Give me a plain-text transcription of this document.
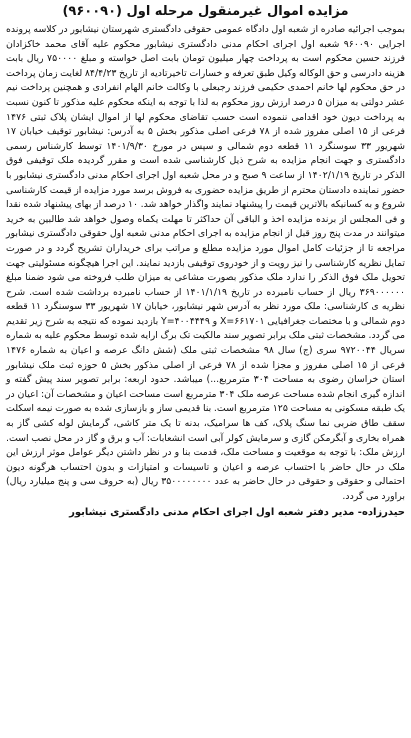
مزایده اموال غیرمنقول مرحله اول (۹۶۰۰۹۰)

بموجب اجرائیه صادره از شعبه اول دادگاه عمومی حقوقی دادگستری شهرستان نیشابور در کلاسه پرونده اجرایی ۹۶۰۰۹۰ شعبه اول اجرای احکام مدنی دادگستری نیشابور محکوم علیه آقای محمد خاکزادان فرزند حسین محکوم است به پرداخت چهار میلیون تومان بابت اصل خواسته و مبلغ ۷۵۰۰۰۰ ریال بابت هزینه دادرسی و حق الوکاله وکیل طبق تعرفه و خسارات تاخیرتادیه از تاریخ ۸۴/۴/۲۳ لغایت زمان پرداخت در حق محکوم لها خانم احمدی حکیمی فرزند رجبعلی با وکالت خانم الهام انفرادی و همچنین پرداخت نیم عشر دولتی به میزان ۵ درصد ارزش روز محکوم به لذا با توجه به اینکه محکوم علیه مذکور تا کنون نسبت به پرداخت دیون خود اقدامی ننموده است حسب تقاضای محکوم لها از اموال ایشان پلاک ثبتی ۱۴۷۶ فرعی از ۱۵ اصلی مفروز شده از ۷۸ فرعی اصلی مذکور بخش ۵ به آدرس: نیشابور توقیف خیابان ۱۷ شهریور ۳۳ سوسنگرد ۱۱ قطعه دوم شمالی و سپس در مورخ ۱۴۰۱/۹/۳۰ توسط کارشناس رسمی دادگستری و جهت انجام مزایده به شرح ذیل کارشناسی شده است و مقرر گردیده ملک توقیفی فوق الذکر در تاریخ ۱۴۰۲/۱/۱۹ از ساعت ۹ صبح و در محل شعبه اول اجرای احکام مدنی دادگستری نیشابور با حضور نماینده دادستان محترم از طریق مزایده حضوری به فروش برسد مورد مزایده از قیمت کارشناسی شروع و به کسانیکه بالاترین قیمت را پیشنهاد نمایند واگذار خواهد شد. ۱۰ درصد از بهای پیشنهاد شده نقدا و فی المجلس از برنده مزایده اخذ و الباقی آن حداکثر تا مهلت یکماه وصول خواهد شد طالبین به خرید میتوانند در مدت پنج روز قبل از انجام مزایده به اجرای احکام مدنی شعبه اول حقوقی دادگستری نیشابور مراجعه تا از جزئیات کامل اموال مورد مزایده مطلع و مراتب برای خریداران تشریح گردد و در صورت تمایل نظریه کارشناسی را نیز رویت و از خودروی توقیفی بازدید نمایند. این اجرا هیچگونه مسئولیتی جهت تحویل ملک فوق الذکر را ندارد ملک مذکور بصورت مشاعی به میزان طلب فروخته می شود ضمنا مبلغ ۳۶۹۰۰۰۰۰۰ ریال از حساب نامبرده در تاریخ ۱۴۰۱/۱/۱۹ از حساب نامبرده برداشت شده است. شرح نظریه ی کارشناسی: ملک مورد نظر به آدرس شهر نیشابور، خیابان ۱۷ شهریور ۳۳ سوسنگرد ۱۱ قطعه دوم شمالی و با مختصات جغرافیایی X=۶۶۱۷۰۱ و Y=۴۰۰۴۴۴۹ بازدید نموده که نتیجه به شرح زیر تقدیم می گردد. مشخصات ثبتی ملک برابر تصویر سند مالکیت تک برگ ارایه شده توسط محکوم علیه به شماره سریال ۹۷۲۰۰۴۴ سری (ج) سال ۹۸ مشخصات ثبتی ملک (شش دانگ عرصه و اعیان به شماره ۱۴۷۶ فرعی از ۱۵ اصلی مفروز و مجزا شده از ۷۸ فرعی از اصلی مذکور بخش ۵ حوزه ثبت ملک نیشابور استان خراسان رضوی به مساحت ۳۰۴ مترمربع...) میباشد. حدود اربعه: برابر تصویر سند پیش گفته و اندازه گیری انجام شده مساحت عرصه ملک ۳۰۴ مترمربع است مساحت اعیان و مشخصات آن: اعیان در یک طبقه مسکونی به مساحت ۱۲۵ مترمربع است. بنا قدیمی ساز و بازسازی شده به صورت نیمه اسکلت سقف طاق ضربی نما سنگ پلاک، کف ها سرامیک، بدنه تا یک متر کاشی، گرمایش لوله کشی گاز به همراه بخاری و آبگرمکن گازی و سرمایش کولر آبی است انشعابات: آب و برق و گاز در محل نصب است. ارزش ملک: با توجه به موقعیت و مساحت ملک، قدمت بنا و در نظر داشتن دیگر عوامل موثر ارزش این ملک در حال حاضر با احتساب عرصه و اعیان و تاسیسات و امتیازات و بدون احتساب هرگونه دیون احتمالی و حقوقی و حقوقی در حال حاضر به عدد ۳۵۰۰۰۰۰۰۰۰ ریال (به حروف سی و پنج میلیارد ریال) براورد می گردد.

حیدرزاده- مدیر دفتر شعبه اول اجرای احکام مدنی دادگستری نیشابور
